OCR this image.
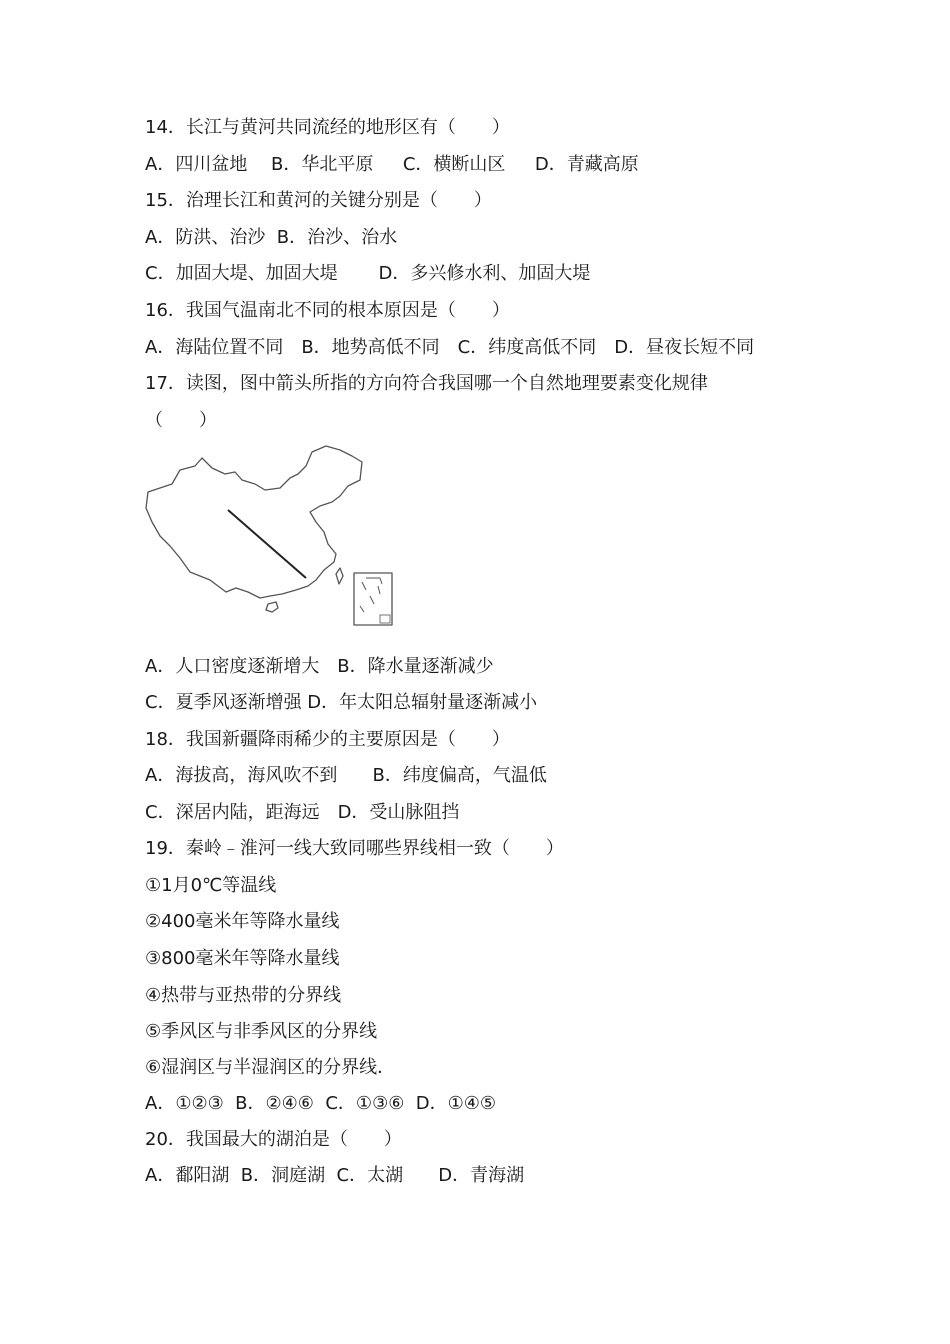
14．长江与黄河共同流经的地形区有（　　）
A．四川盆地　 B．华北平原　  C．横断山区　  D．青藏高原
15．治理长江和黄河的关键分别是（　　）
A．防洪、治沙  B．治沙、治水
C．加固大堤、加固大堤　    D．多兴修水利、加固大堤
16．我国气温南北不同的根本原因是（　　）
A．海陆位置不同　B．地势高低不同　C．纬度高低不同　D．昼夜长短不同
17．读图，图中箭头所指的方向符合我国哪一个自然地理要素变化规律
（　　）
A．人口密度逐渐增大　B．降水量逐渐减少
C．夏季风逐渐增强 D．年太阳总辐射量逐渐减小
18．我国新疆降雨稀少的主要原因是（　　）
A．海拔高，海风吹不到　   B．纬度偏高，气温低
C．深居内陆，距海远　D．受山脉阻挡
19．秦岭﹣淮河一线大致同哪些界线相一致（　　）
①1月0℃等温线
②400毫米年等降水量线
③800毫米年等降水量线
④热带与亚热带的分界线
⑤季风区与非季风区的分界线
⑥湿润区与半湿润区的分界线．
A．①②③  B．②④⑥  C．①③⑥  D．①④⑤
20．我国最大的湖泊是（　　）
A．鄱阳湖  B．洞庭湖  C．太湖　   D．青海湖
